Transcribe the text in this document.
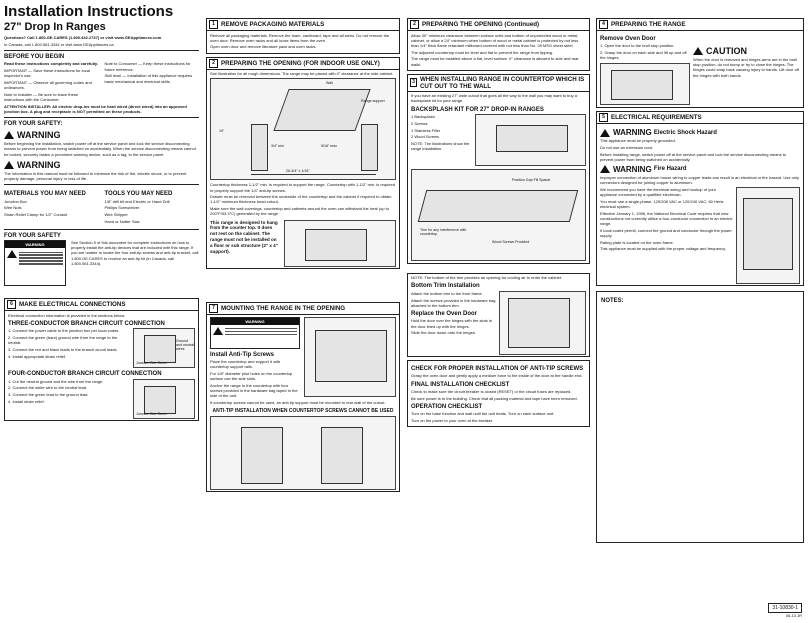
Installation Instructions
27" Drop In Ranges
Questions? Call 1.800.GE.CARES (1.800.432.2737) or visit www.GEAppliances.com
In Canada, call 1.800.561.3344 or visit www.GEAppliances.ca
BEFORE YOU BEGIN
Read these instructions completely and carefully.
IMPORTANT — Save these instructions for local inspector's use.
IMPORTANT — Observe all governing codes and ordinances.
Note to Installer — Be sure to leave these instructions with the Consumer.
Note to Consumer — Keep these instructions for future reference.
Skill level — Installation of this appliance requires basic mechanical and electrical skills.
ATTENTION INSTALLER: All electric drop-ins must be hard wired (direct wired) into an approved junction box. A plug and receptacle is NOT permitted on these products.
FOR YOUR SAFETY:
WARNING
Before beginning the installation, switch power off at the service panel and lock the service disconnecting means to prevent power from being switched on accidentally. When the service disconnecting means cannot be locked, securely fasten a prominent warning device, such as a tag, to the service panel.
WARNING
The information in this manual must be followed to minimize the risk of fire, electric shock, or to prevent property damage, personal injury or loss of life.
MATERIALS YOU MAY NEED
Junction Box
Wire Nuts
Strain Relief Clamp for 1/2" Conduit
TOOLS YOU MAY NEED
1/8" drill bit and Electric or Hand Drill
Phillips Screwdriver
Wire Stripper
Hand or Nutter Saw
FOR YOUR SAFETY
WARNING	See Section 5 of this document for complete instructions on how to properly install the anti-tip devices that are included with this range. If you are unable to locate the four anti-tip screws and anti-tip bracket, call 1.800.GE.CARES to receive an anti-tip kit (in Canada, call 1.800.561.3344).
6 MAKE ELECTRICAL CONNECTIONS
Electrical connection information is provided in the sections below.
THREE-CONDUCTOR BRANCH CIRCUIT CONNECTION
1. Connect the power cable to the junction box per local codes.
2. Connect the green (bare) ground wire from the range to the neutral.
3. Connect the red and black leads to the branch circuit leads.
4. Install appropriate strain relief.
Junction Box Cover
Ground and neutral wires
FOUR-CONDUCTOR BRANCH CIRCUIT CONNECTION
1. Cut the neutral ground and the wire from the range.
2. Connect the white wire to the neutral lead.
3. Connect the green lead to the ground lead.
4. Install strain relief.
Junction Box Cover
1 REMOVE PACKAGING MATERIALS
Remove all packaging materials. Remove the foam, cardboard, tape and all wires. Do not remove the oven door. Remove oven racks and all loose items from the oven.
Open oven door and remove literature pack and oven racks.
2 PREPARING THE OPENING (FOR INDOOR USE ONLY)
See illustration for all rough dimensions. The range may be placed with 0" clearance at the side cabinet.
Wall
Range support
3/4" min	9/16" max
26-3/4" ± 1/16"
19"
Countertop thickness 1-1/2" min. is required to support the range. Countertop with 1-1/2" min. is required to properly support the 1/4" anti-tip screws.
Drawer must be removed between the underside of the countertop and the cabinet if required to obtain 1-1/2" minimum thickness bead cutout.
Make sure the wall coverings, countertop and cabinets around the oven can withstand the heat (up to 200°F/93.3°C) generated by the range.
This range is designed to hang from the counter top. It does not rest on the cabinet. The range must not be installed on a floor or sub structure (2" x 4" support).
7 MOUNTING THE RANGE IN THE OPENING
WARNING
Install Anti-Tip Screws
Place the countertop and support it with countertop support rails.
For 1/8" diameter pilot holes on the countertop surface use the side slots.
Anchor the range to the countertop with four screws provided in the hardware bag taped to the side of the unit.
If countertop screws cannot be used, an anti-tip support must be mounted to rear wall of the cutout.
ANTI-TIP INSTALLATION WHEN COUNTERTOP SCREWS CANNOT BE USED
2 PREPARING THE OPENING (Continued)
Allow 30" minimum clearance between surface units and bottom of unprotected wood or metal cabinet, or allow a 24" minimum when bottom of wood or metal cabinet is protected by not less than 1/4" thick flame retardant millboard covered with not less than No. 28 MSG sheet steel.
The adjacent countertop must be level and flat to prevent the range from tipping.
The range must be installed above a flat, level surface. 0" clearance is allowed to side and rear walls.
3 WHEN INSTALLING RANGE IN COUNTERTOP WHICH IS CUT OUT TO THE WALL
If you have an existing 27" wide cutout that goes all the way to the wall you may want to buy a backsplash kit for your range.
BACKSPLASH KIT FOR 27" DROP-IN RANGES
1 Backsplash
2 Screws
1 Stainless Filler
2 Wood Screws
NOTE: The illustrations show the range installation.
Position Gap Fill Spacer
Wood Screws Provided
Trim for any interference with countertop
NOTE: The bottom of the trim provides an opening for cooling air to enter the cabinet.
Bottom Trim Installation
Attach the bottom trim to the front frame.
Attach the screws provided in the hardware bag attached to the bottom trim.
Replace the Oven Door
Hold the door over the hinges with the slots in the door lined up with the hinges.
Slide the door down onto the hinges.
CHECK FOR PROPER INSTALLATION OF ANTI-TIP SCREWS
Grasp the oven door and gently apply a medium force to the inside of the door at the handle end.
FINAL INSTALLATION CHECKLIST
Check to make sure the circuit breaker is closed (RESET) or the circuit fuses are replaced.
Be sure power is to the building. Check that all packing material and tape have been removed.
OPERATION CHECKLIST
Turn on the bake function and wait until the unit heats. Turn on each surface unit.
Turn on the power to your oven at the breaker.
4 PREPARING THE RANGE
Remove Oven Door
1. Open the door to the broil stop position.
2. Grasp the door on each side and lift up and off the hinges.
CAUTION
When the door is removed and hinges arms are in the broil stop position, do not bump or try to close the hinges. The hinges could snap back causing injury to hands. Lift door off the hinges with both hands.
5 ELECTRICAL REQUIREMENTS
WARNING
Electric Shock Hazard
This appliance must be properly grounded.
Do not use an extension cord.
Before installing range, switch power off at the service panel and lock the service disconnecting means to prevent power from being switched on accidentally.
WARNING
Fire Hazard
Improper connection of aluminum house wiring to copper leads can result in an electrical or fire hazard. Use only connectors designed for joining copper to aluminum.
We recommend you have the electrical wiring and hookup of your appliance connected by a qualified electrician.
You must use a single-phase, 120/208 VAC or 120/240 VAC, 60 Hertz electrical system.
Effective January 1, 1996, the National Electrical Code requires that new constructions not currently utilize a four-conductor connection to an electric range.
If local codes permit, connect the ground and conductor through the power supply.
Rating plate is located on the oven frame.
This appliance must be supplied with the proper voltage and frequency.
NOTES:
31-10830-1
05-13 JR
